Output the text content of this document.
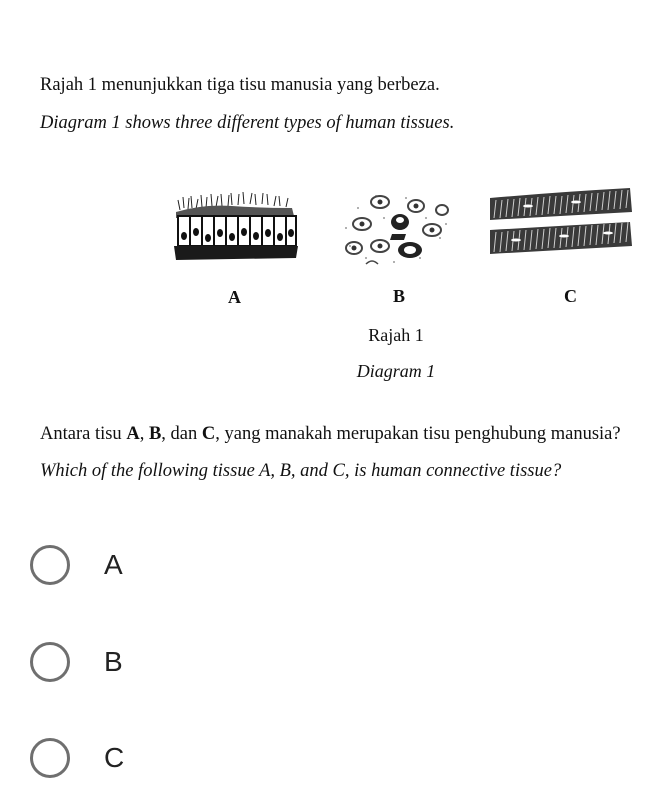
Rajah 1 menunjukkan tiga tisu manusia yang berbeza.
Diagram 1 shows three different types of human tissues.
A	B	C
Rajah 1
Diagram 1
Antara tisu A, B, dan C, yang manakah merupakan tisu penghubung manusia?
Which of the following tissue A, B, and C, is human connective tissue?
A
B
C
